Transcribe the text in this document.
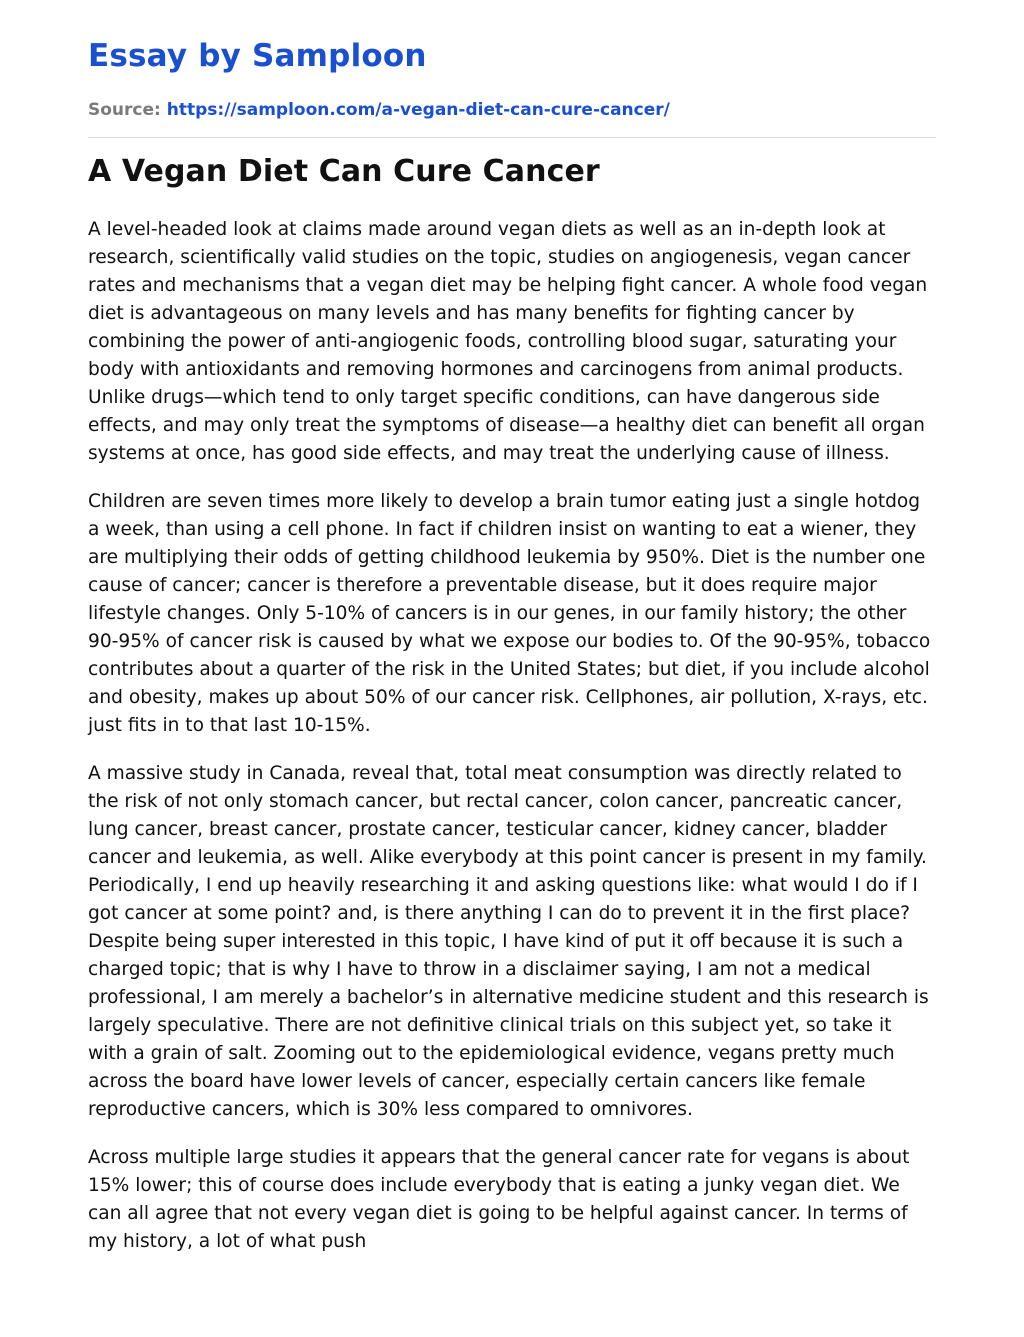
Essay by Samploon
Source: https://samploon.com/a-vegan-diet-can-cure-cancer/
A Vegan Diet Can Cure Cancer

A level-headed look at claims made around vegan diets as well as an in-depth look at research, scientifically valid studies on the topic, studies on angiogenesis, vegan cancer rates and mechanisms that a vegan diet may be helping fight cancer. A whole food vegan diet is advantageous on many levels and has many benefits for fighting cancer by combining the power of anti-angiogenic foods, controlling blood sugar, saturating your body with antioxidants and removing hormones and carcinogens from animal products. Unlike drugs—which tend to only target specific conditions, can have dangerous side effects, and may only treat the symptoms of disease—a healthy diet can benefit all organ systems at once, has good side effects, and may treat the underlying cause of illness.

Children are seven times more likely to develop a brain tumor eating just a single hotdog a week, than using a cell phone. In fact if children insist on wanting to eat a wiener, they are multiplying their odds of getting childhood leukemia by 950%. Diet is the number one cause of cancer; cancer is therefore a preventable disease, but it does require major lifestyle changes. Only 5-10% of cancers is in our genes, in our family history; the other 90-95% of cancer risk is caused by what we expose our bodies to. Of the 90-95%, tobacco contributes about a quarter of the risk in the United States; but diet, if you include alcohol and obesity, makes up about 50% of our cancer risk. Cellphones, air pollution, X-rays, etc. just fits in to that last 10-15%.

A massive study in Canada, reveal that, total meat consumption was directly related to the risk of not only stomach cancer, but rectal cancer, colon cancer, pancreatic cancer, lung cancer, breast cancer, prostate cancer, testicular cancer, kidney cancer, bladder cancer and leukemia, as well. Alike everybody at this point cancer is present in my family. Periodically, I end up heavily researching it and asking questions like: what would I do if I got cancer at some point? and, is there anything I can do to prevent it in the first place? Despite being super interested in this topic, I have kind of put it off because it is such a charged topic; that is why I have to throw in a disclaimer saying, I am not a medical professional, I am merely a bachelor’s in alternative medicine student and this research is largely speculative. There are not definitive clinical trials on this subject yet, so take it with a grain of salt. Zooming out to the epidemiological evidence, vegans pretty much across the board have lower levels of cancer, especially certain cancers like female reproductive cancers, which is 30% less compared to omnivores.

Across multiple large studies it appears that the general cancer rate for vegans is about 15% lower; this of course does include everybody that is eating a junky vegan diet. We can all agree that not every vegan diet is going to be helpful against cancer. In terms of my history, a lot of what push
